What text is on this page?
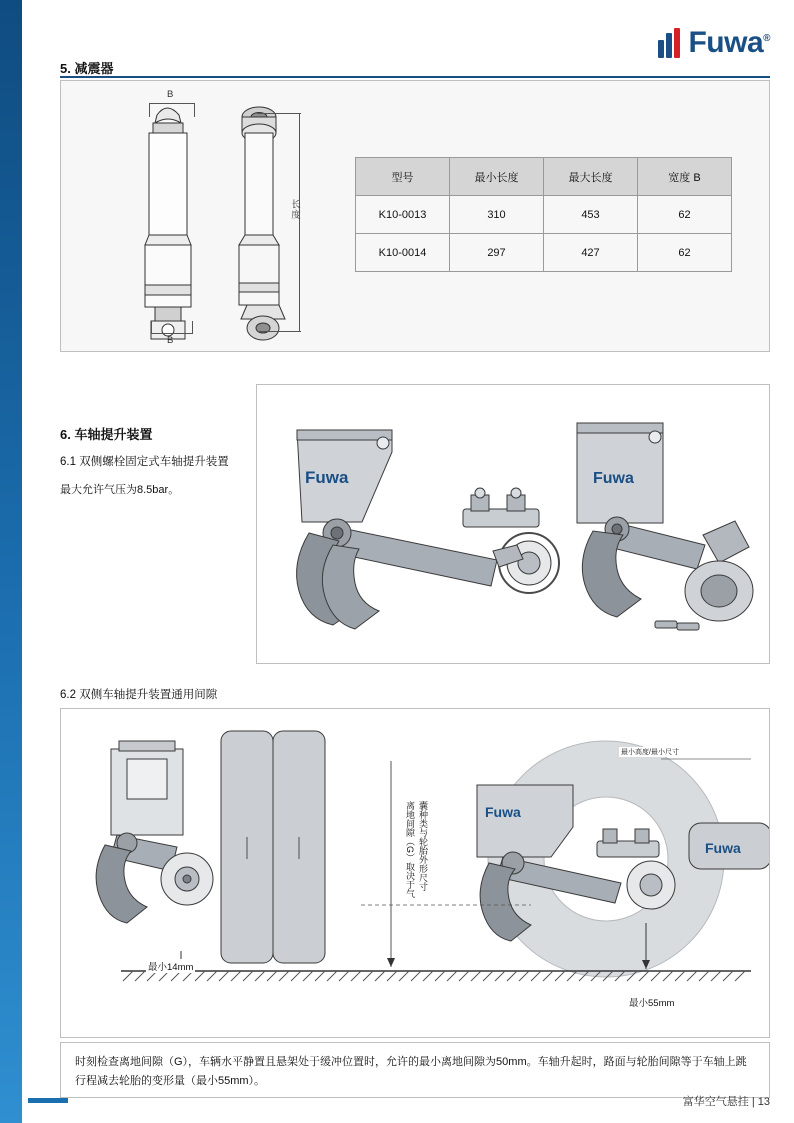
Fuwa®
5. 减震器
B
B
长度
型号	最小长度	最大长度	宽度 B
K10-0013	310	453	62
K10-0014	297	427	62
6. 车轴提升装置
6.1 双侧螺栓固定式车轴提升装置
最大允许气压为8.5bar。
Fuwa	Fuwa
6.2 双侧车轴提升装置通用间隙
Fuwa
Fuwa
最小14mm
最小55mm
最小高度/最小尺寸
离地间隙（G）取决于气 囊种类与轮胎外形尺寸
时刻检查离地间隙（G），车辆水平静置且悬架处于缓冲位置时，允许的最小离地间隙为50mm。车轴升起时，路面与轮胎间隙等于车轴上跳行程减去轮胎的变形量（最小55mm）。
富华空气悬挂 | 13
